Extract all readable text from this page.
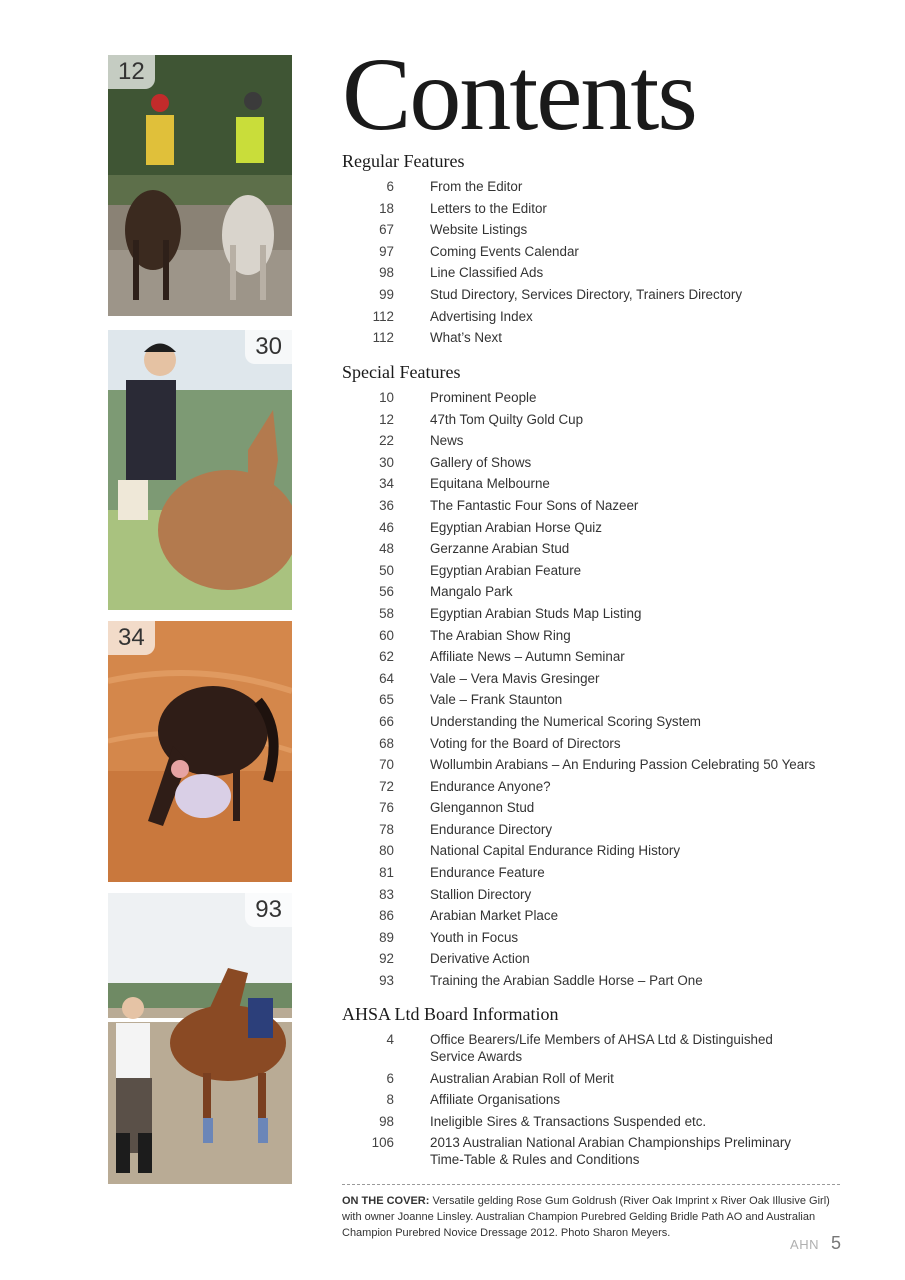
12
30
34
93
Contents
Regular Features
6	From the Editor
18	Letters to the Editor
67	Website Listings
97	Coming Events Calendar
98	Line Classified Ads
99	Stud Directory, Services Directory, Trainers Directory
112	Advertising Index
112	What’s Next
Special Features
10	Prominent People
12	47th Tom Quilty Gold Cup
22	News
30	Gallery of Shows
34	Equitana Melbourne
36	The Fantastic Four Sons of Nazeer
46	Egyptian Arabian Horse Quiz
48	Gerzanne Arabian Stud
50	Egyptian Arabian Feature
56	Mangalo Park
58	Egyptian Arabian Studs Map Listing
60	The Arabian Show Ring
62	Affiliate News – Autumn Seminar
64	Vale – Vera Mavis Gresinger
65	Vale – Frank Staunton
66	Understanding the Numerical Scoring System
68	Voting for the Board of Directors
70	Wollumbin Arabians – An Enduring Passion Celebrating 50 Years
72	Endurance Anyone?
76	Glengannon Stud
78	Endurance Directory
80	National Capital Endurance Riding History
81	Endurance Feature
83	Stallion Directory
86	Arabian Market Place
89	Youth in Focus
92	Derivative Action
93	Training the Arabian Saddle Horse – Part One
AHSA Ltd Board Information
4	Office Bearers/Life Members of AHSA Ltd & Distinguished Service Awards
6	Australian Arabian Roll of Merit
8	Affiliate Organisations
98	Ineligible Sires & Transactions Suspended etc.
106	2013 Australian National Arabian Championships Preliminary Time-Table & Rules and Conditions

ON THE COVER: Versatile gelding Rose Gum Goldrush (River Oak Imprint x River Oak Illusive Girl) with owner Joanne Linsley. Australian Champion Purebred Gelding Bridle Path AO and Australian Champion Purebred Novice Dressage 2012. Photo Sharon Meyers.

AHN 5
